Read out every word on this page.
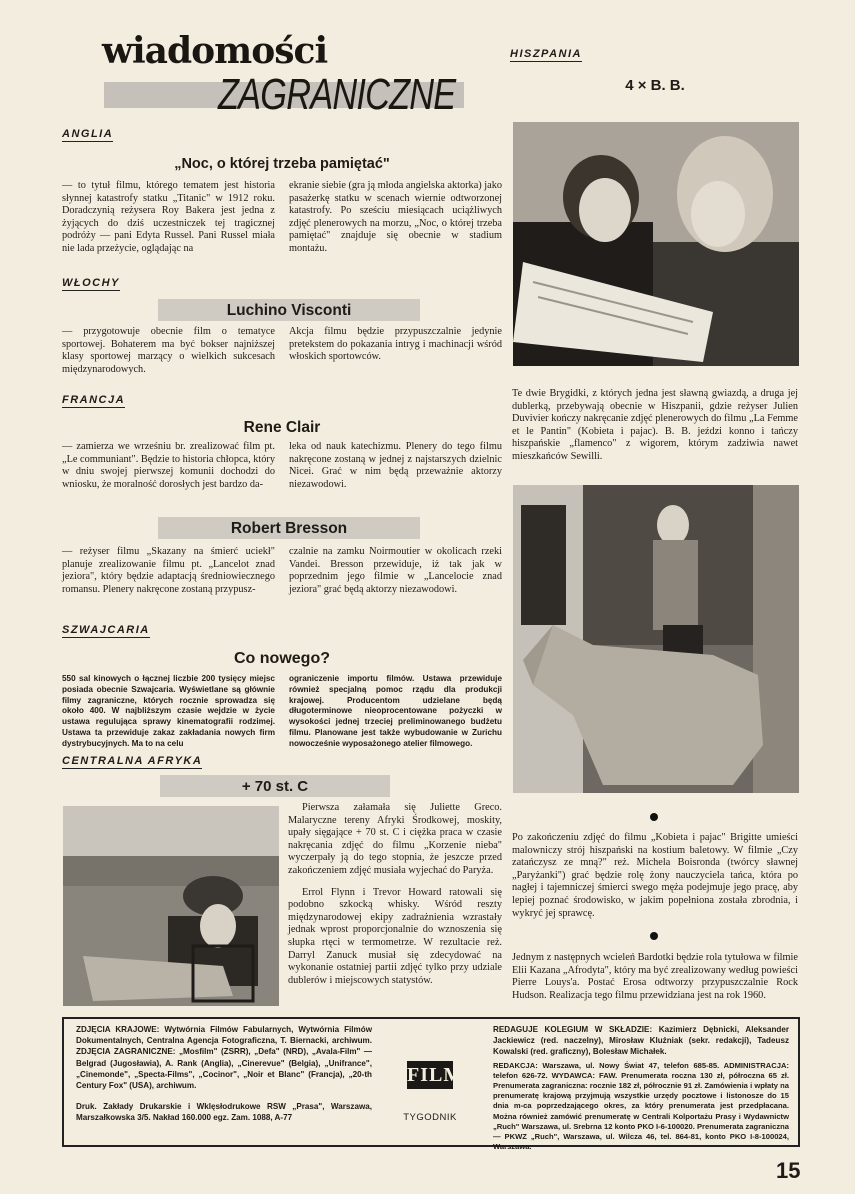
wiadomości
ZAGRANICZNE
ANGLIA
„Noc, o której trzeba pamiętać"

— to tytuł filmu, którego tematem jest historia słynnej katastrofy statku „Titanic" w 1912 roku. Doradczynią reżysera Roy Bakera jest jedna z żyjących do dziś uczestniczek tej tragicznej podróży — pani Edyta Russel. Pani Russel miała nie lada przeżycie, oglądając na

ekranie siebie (gra ją młoda angielska aktorka) jako pasażerkę statku w scenach wiernie odtworzonej katastrofy. Po sześciu miesiącach uciążliwych zdjęć plenerowych na morzu, „Noc, o której trzeba pamiętać" znajduje się obecnie w stadium montażu.

WŁOCHY
Luchino Visconti

— przygotowuje obecnie film o tematyce sportowej. Bohaterem ma być bokser najniższej klasy sportowej marzący o wielkich sukcesach międzynarodowych.

Akcja filmu będzie przypuszczalnie jedynie pretekstem do pokazania intryg i machinacji wśród włoskich sportowców.

FRANCJA
Rene Clair

— zamierza we wrześniu br. zrealizować film pt. „Le communiant". Będzie to historia chłopca, który w dniu swojej pierwszej komunii dochodzi do wniosku, że moralność dorosłych jest bardzo da-

leka od nauk katechizmu. Plenery do tego filmu nakręcone zostaną w jednej z najstarszych dzielnic Nicei. Grać w nim będą przeważnie aktorzy niezawodowi.

Robert Bresson

— reżyser filmu „Skazany na śmierć uciekł" planuje zrealizowanie filmu pt. „Lancelot znad jeziora", który będzie adaptacją średniowiecznego romansu. Plenery nakręcone zostaną przypusz-

czalnie na zamku Noirmoutier w okolicach rzeki Vandei. Bresson przewiduje, iż tak jak w poprzednim jego filmie w „Lancelocie znad jeziora" grać będą aktorzy niezawodowi.

SZWAJCARIA
Co nowego?

550 sal kinowych o łącznej liczbie 200 tysięcy miejsc posiada obecnie Szwajcaria. Wyświetlane są głównie filmy zagraniczne, których rocznie sprowadza się około 400. W najbliższym czasie wejdzie w życie ustawa regulująca sprawy kinematografii rodzimej. Ustawa ta przewiduje zakaz zakładania nowych firm dystrybucyjnych. Ma to na celu

ograniczenie importu filmów. Ustawa przewiduje również specjalną pomoc rządu dla produkcji krajowej. Producentom udzielane będą długoterminowe nieoprocentowane pożyczki w wysokości jednej trzeciej preliminowanego budżetu filmu. Planowane jest także wybudowanie w Zurichu nowocześnie wyposażonego atelier filmowego.

CENTRALNA AFRYKA
+ 70 st. C

Pierwsza załamała się Juliette Greco. Malaryczne tereny Afryki Środkowej, moskity, upały sięgające + 70 st. C i ciężka praca w czasie nakręcania zdjęć do filmu „Korzenie nieba" wyczerpały ją do tego stopnia, że jeszcze przed zakończeniem zdjęć musiała wyjechać do Paryża.

Errol Flynn i Trevor Howard ratowali się podobno szkocką whisky. Wśród reszty międzynarodowej ekipy zadrażnienia wzrastały jednak wprost proporcjonalnie do wznoszenia się słupka rtęci w termometrze. W rezultacie reż. Darryl Zanuck musiał się zdecydować na wykonanie ostatniej partii zdjęć tylko przy udziale dublerów i miejscowych statystów.

HISZPANIA
4 × B. B.

Te dwie Brygidki, z których jedna jest sławną gwiazdą, a druga jej dublerką, przebywają obecnie w Hiszpanii, gdzie reżyser Julien Duvivier kończy nakręcanie zdjęć plenerowych do filmu „La Femme et le Pantin" (Kobieta i pajac). B. B. jeździ konno i tańczy hiszpańskie „flamenco" z wigorem, którym zadziwia nawet mieszkańców Sewilli.

Po zakończeniu zdjęć do filmu „Kobieta i pajac" Brigitte umieści malowniczy strój hiszpański na kostium baletowy. W filmie „Czy zatańczysz ze mną?" reż. Michela Boisronda (twórcy sławnej „Paryżanki") grać będzie rolę żony nauczyciela tańca, która po nagłej i tajemniczej śmierci swego męża podejmuje jego pracę, aby lepiej poznać środowisko, w jakim popełniona została zbrodnia, i wykryć jej sprawcę.

Jednym z następnych wcieleń Bardotki będzie rola tytułowa w filmie Elii Kazana „Afrodyta", który ma być zrealizowany według powieści Pierre Louys'a. Postać Erosa odtworzy przypuszczalnie Rock Hudson. Realizacja tego filmu przewidziana jest na rok 1960.

ZDJĘCIA KRAJOWE: Wytwórnia Filmów Fabularnych, Wytwórnia Filmów Dokumentalnych, Centralna Agencja Fotograficzna, T. Biernacki, archiwum. ZDJĘCIA ZAGRANICZNE: „Mosfilm" (ZSRR), „Defa" (NRD), „Avala-Film" — Belgrad (Jugosławia), A. Rank (Anglia), „Cinerevue" (Belgia), „Unifrance", „Cinemonde", „Specta-Films", „Cocinor", „Noir et Blanc" (Francja), „20-th Century Fox" (USA), archiwum.

Druk. Zakłady Drukarskie i Wklęsłodrukowe RSW „Prasa", Warszawa, Marszałkowska 3/5. Nakład 160.000 egz. Zam. 1088, A-77

FILM
TYGODNIK

REDAGUJE KOLEGIUM W SKŁADZIE: Kazimierz Dębnicki, Aleksander Jackiewicz (red. naczelny), Mirosław Kluźniak (sekr. redakcji), Tadeusz Kowalski (red. graficzny), Bolesław Michałek.

REDAKCJA: Warszawa, ul. Nowy Świat 47, telefon 685-85. ADMINISTRACJA: telefon 626-72. WYDAWCA: FAW. Prenumerata roczna 130 zł, półroczna 65 zł. Prenumerata zagraniczna: rocznie 182 zł, półrocznie 91 zł. Zamówienia i wpłaty na prenumeratę krajową przyjmują wszystkie urzędy pocztowe i listonosze do 15 dnia m-ca poprzedzającego okres, za który prenumerata jest przedpłacana. Można również zamówić prenumeratę w Centrali Kolportażu Prasy i Wydawnictw „Ruch" Warszawa, ul. Srebrna 12 konto PKO I-6-100020. Prenumerata zagraniczna — PKWZ „Ruch", Warszawa, ul. Wilcza 46, tel. 864-81, konto PKO I-8-100024, Warszawa.

15
